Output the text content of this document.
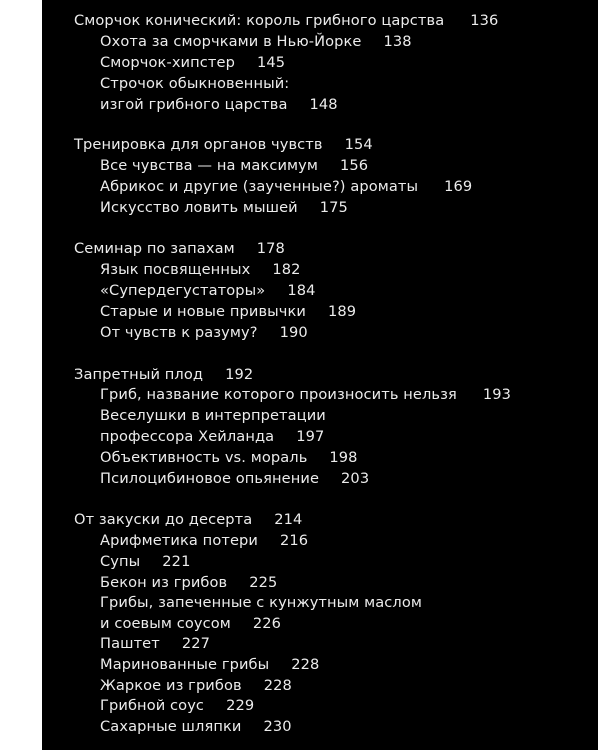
Сморчок конический: король грибного царства 136
Охота за сморчками в Нью-Йорке 138
Сморчок-хипстер 145
Строчок обыкновенный:
изгой грибного царства 148
Тренировка для органов чувств 154
Все чувства — на максимум 156
Абрикос и другие (заученные?) ароматы 169
Искусство ловить мышей 175
Семинар по запахам 178
Язык посвященных 182
«Супердегустаторы» 184
Старые и новые привычки 189
От чувств к разуму? 190
Запретный плод 192
Гриб, название которого произносить нельзя 193
Веселушки в интерпретации
профессора Хейланда 197
Объективность vs. мораль 198
Псилоцибиновое опьянение 203
От закуски до десерта 214
Арифметика потери 216
Супы 221
Бекон из грибов 225
Грибы, запеченные с кунжутным маслом
и соевым соусом 226
Паштет 227
Маринованные грибы 228
Жаркое из грибов 228
Грибной соус 229
Сахарные шляпки 230
